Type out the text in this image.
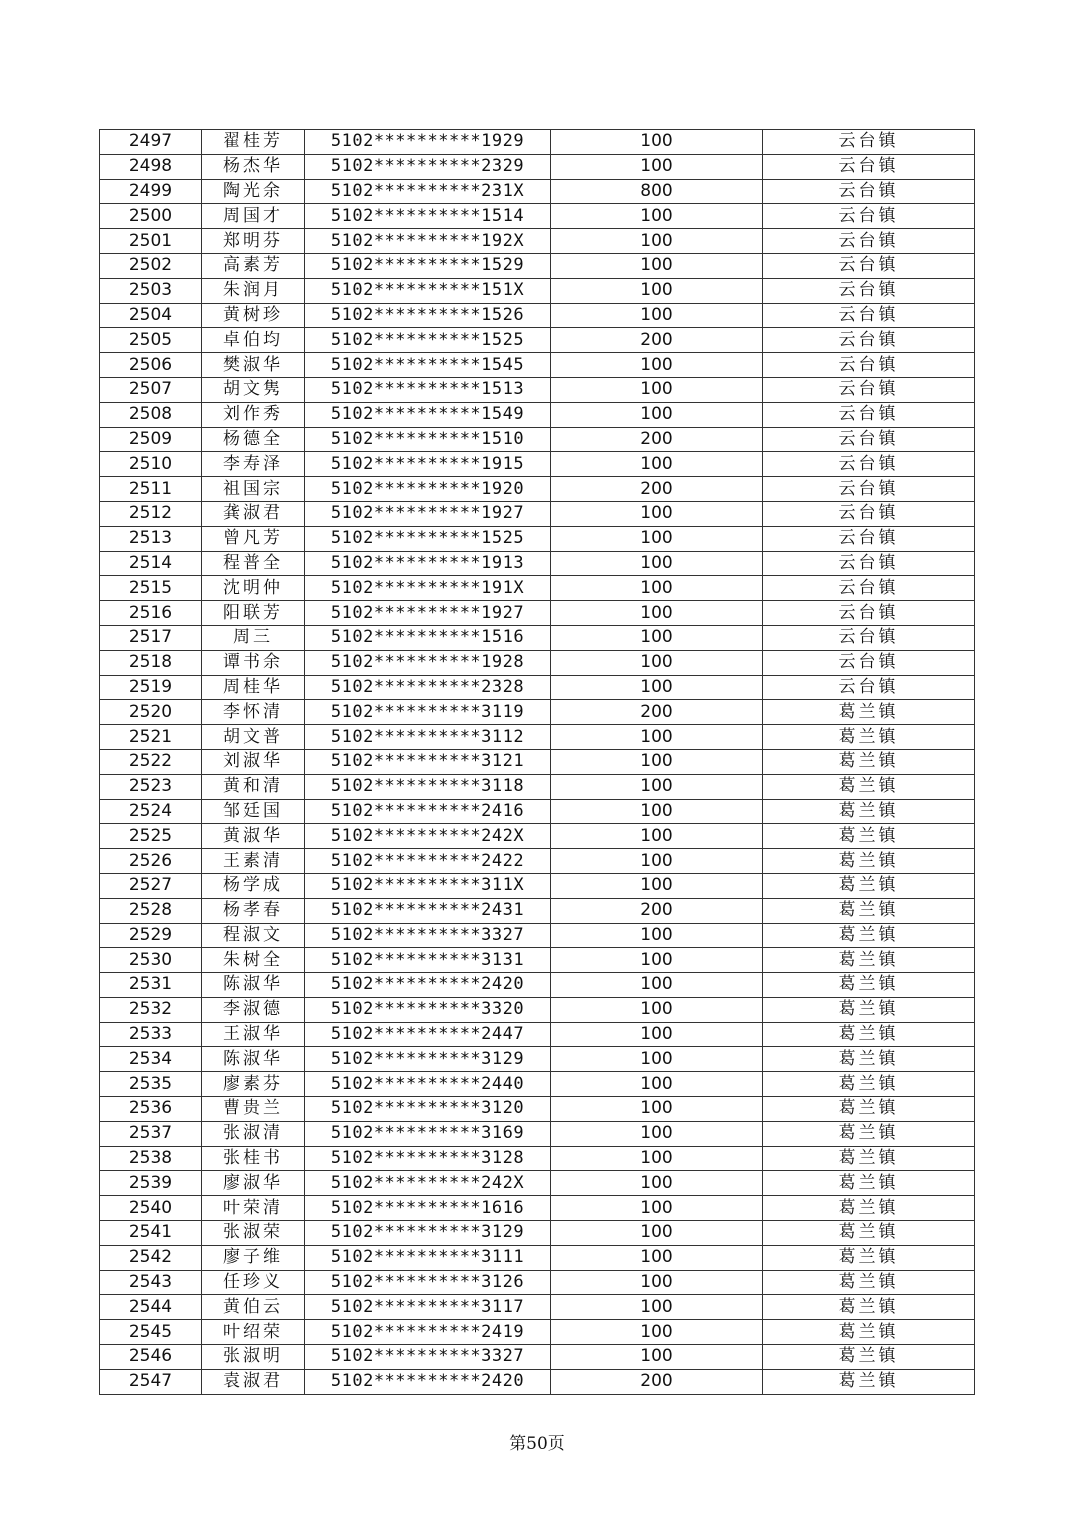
2497	翟桂芳	5102**********1929	100	云台镇
2498	杨杰华	5102**********2329	100	云台镇
2499	陶光余	5102**********231X	800	云台镇
2500	周国才	5102**********1514	100	云台镇
2501	郑明芬	5102**********192X	100	云台镇
2502	高素芳	5102**********1529	100	云台镇
2503	朱润月	5102**********151X	100	云台镇
2504	黄树珍	5102**********1526	100	云台镇
2505	卓伯均	5102**********1525	200	云台镇
2506	樊淑华	5102**********1545	100	云台镇
2507	胡文隽	5102**********1513	100	云台镇
2508	刘作秀	5102**********1549	100	云台镇
2509	杨德全	5102**********1510	200	云台镇
2510	李寿泽	5102**********1915	100	云台镇
2511	祖国宗	5102**********1920	200	云台镇
2512	龚淑君	5102**********1927	100	云台镇
2513	曾凡芳	5102**********1525	100	云台镇
2514	程普全	5102**********1913	100	云台镇
2515	沈明仲	5102**********191X	100	云台镇
2516	阳联芳	5102**********1927	100	云台镇
2517	周三	5102**********1516	100	云台镇
2518	谭书余	5102**********1928	100	云台镇
2519	周桂华	5102**********2328	100	云台镇
2520	李怀清	5102**********3119	200	葛兰镇
2521	胡文普	5102**********3112	100	葛兰镇
2522	刘淑华	5102**********3121	100	葛兰镇
2523	黄和清	5102**********3118	100	葛兰镇
2524	邹廷国	5102**********2416	100	葛兰镇
2525	黄淑华	5102**********242X	100	葛兰镇
2526	王素清	5102**********2422	100	葛兰镇
2527	杨学成	5102**********311X	100	葛兰镇
2528	杨孝春	5102**********2431	200	葛兰镇
2529	程淑文	5102**********3327	100	葛兰镇
2530	朱树全	5102**********3131	100	葛兰镇
2531	陈淑华	5102**********2420	100	葛兰镇
2532	李淑德	5102**********3320	100	葛兰镇
2533	王淑华	5102**********2447	100	葛兰镇
2534	陈淑华	5102**********3129	100	葛兰镇
2535	廖素芬	5102**********2440	100	葛兰镇
2536	曹贵兰	5102**********3120	100	葛兰镇
2537	张淑清	5102**********3169	100	葛兰镇
2538	张桂书	5102**********3128	100	葛兰镇
2539	廖淑华	5102**********242X	100	葛兰镇
2540	叶荣清	5102**********1616	100	葛兰镇
2541	张淑荣	5102**********3129	100	葛兰镇
2542	廖子维	5102**********3111	100	葛兰镇
2543	任珍义	5102**********3126	100	葛兰镇
2544	黄伯云	5102**********3117	100	葛兰镇
2545	叶绍荣	5102**********2419	100	葛兰镇
2546	张淑明	5102**********3327	100	葛兰镇
2547	袁淑君	5102**********2420	200	葛兰镇
第50页
